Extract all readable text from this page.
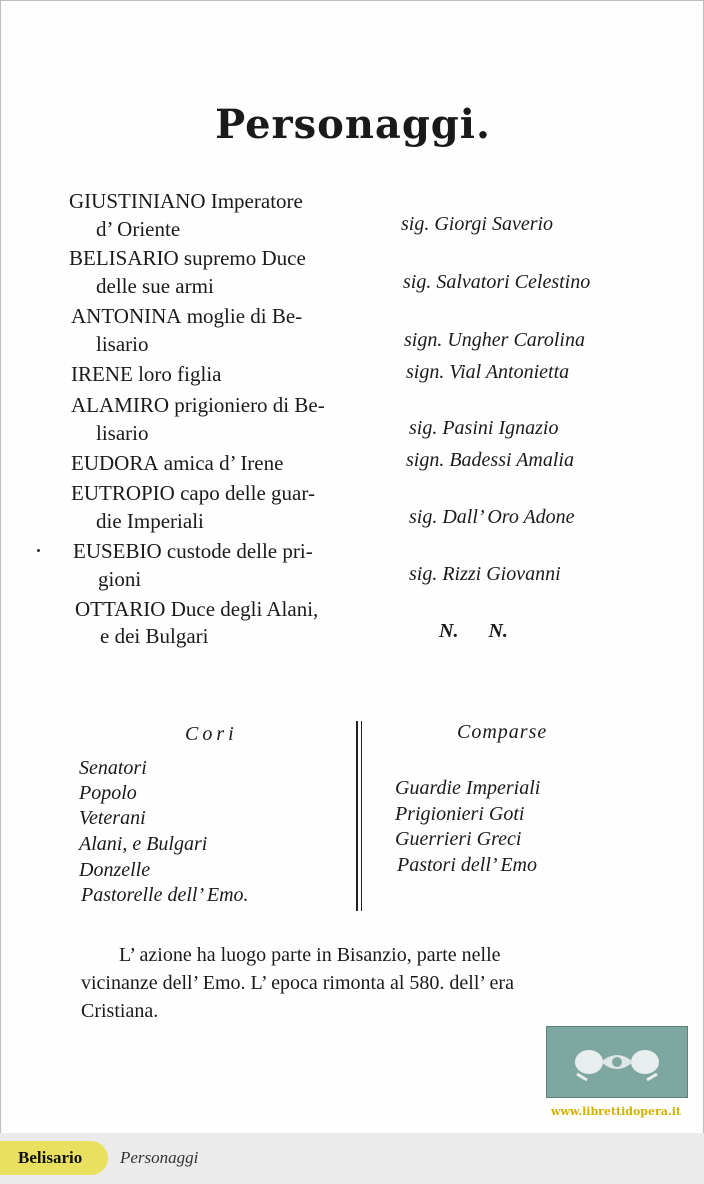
Personaggi.
GIUSTINIANO Imperatore
d’ Oriente	sig. Giorgi Saverio
BELISARIO supremo Duce
delle sue armi	sig. Salvatori Celestino
ANTONINA moglie di Be-
lisario	sign. Ungher Carolina
IRENE loro figlia	sign. Vial Antonietta
ALAMIRO prigioniero di Be-
lisario	sig. Pasini Ignazio
EUDORA amica d’ Irene	sign. Badessi Amalia
EUTROPIO capo delle guar-
die Imperiali	sig. Dall’ Oro Adone
EUSEBIO custode delle pri-
gioni	sig. Rizzi Giovanni
OTTARIO Duce degli Alani,
e dei Bulgari	N.      N.
Cori
Senatori
Popolo
Veterani
Alani, e Bulgari
Donzelle
Pastorelle dell’ Emo.
Comparse
Guardie Imperiali
Prigionieri Goti
Guerrieri Greci
Pastori dell’ Emo

L’ azione ha luogo parte in Bisanzio, parte nelle

vicinanze dell’ Emo. L’ epoca rimonta al 580. dell’ era
Cristiana.
www.librettidopera.it
Belisario Personaggi
